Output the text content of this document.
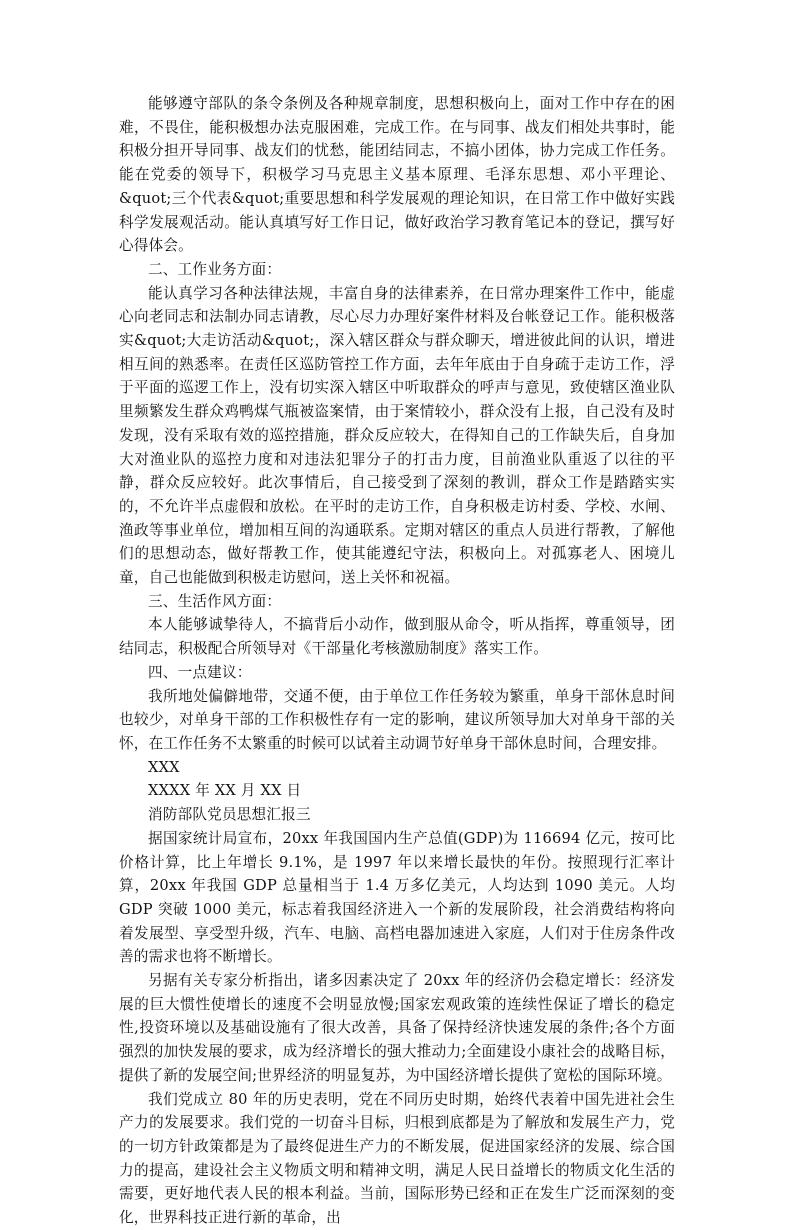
能够遵守部队的条令条例及各种规章制度，思想积极向上，面对工作中存在的困难，不畏住，能积极想办法克服困难，完成工作。在与同事、战友们相处共事时，能积极分担开导同事、战友们的忧愁，能团结同志，不搞小团体，协力完成工作任务。能在党委的领导下，积极学习马克思主义基本原理、毛泽东思想、邓小平理论、&quot;三个代表&quot;重要思想和科学发展观的理论知识，在日常工作中做好实践科学发展观活动。能认真填写好工作日记，做好政治学习教育笔记本的登记，撰写好心得体会。

二、工作业务方面：

能认真学习各种法律法规，丰富自身的法律素养，在日常办理案件工作中，能虚心向老同志和法制办同志请教，尽心尽力办理好案件材料及台帐登记工作。能积极落实&quot;大走访活动&quot;，深入辖区群众与群众聊天，增进彼此间的认识，增进相互间的熟悉率。在责任区巡防管控工作方面，去年年底由于自身疏于走访工作，浮于平面的巡逻工作上，没有切实深入辖区中听取群众的呼声与意见，致使辖区渔业队里频繁发生群众鸡鸭煤气瓶被盗案情，由于案情较小，群众没有上报，自己没有及时发现，没有采取有效的巡控措施，群众反应较大，在得知自己的工作缺失后，自身加大对渔业队的巡控力度和对违法犯罪分子的打击力度，目前渔业队重返了以往的平静，群众反应较好。此次事情后，自己接受到了深刻的教训，群众工作是踏踏实实的，不允许半点虚假和放松。在平时的走访工作，自身积极走访村委、学校、水闸、渔政等事业单位，增加相互间的沟通联系。定期对辖区的重点人员进行帮教，了解他们的思想动态，做好帮教工作，使其能遵纪守法，积极向上。对孤寡老人、困境儿童，自己也能做到积极走访慰问，送上关怀和祝福。

三、生活作风方面：

本人能够诚挚待人，不搞背后小动作，做到服从命令，听从指挥，尊重领导，团结同志，积极配合所领导对《干部量化考核激励制度》落实工作。

四、一点建议：

我所地处偏僻地带，交通不便，由于单位工作任务较为繁重，单身干部休息时间也较少，对单身干部的工作积极性存有一定的影响，建议所领导加大对单身干部的关怀，在工作任务不太繁重的时候可以试着主动调节好单身干部休息时间，合理安排。

XXX

XXXX 年 XX 月 XX 日

消防部队党员思想汇报三

据国家统计局宣布，20xx 年我国国内生产总值(GDP)为 116694 亿元，按可比价格计算，比上年增长 9.1%，是 1997 年以来增长最快的年份。按照现行汇率计算，20xx 年我国 GDP 总量相当于 1.4 万多亿美元，人均达到 1090 美元。人均 GDP 突破 1000 美元，标志着我国经济进入一个新的发展阶段，社会消费结构将向着发展型、享受型升级，汽车、电脑、高档电器加速进入家庭，人们对于住房条件改善的需求也将不断增长。

另据有关专家分析指出，诸多因素决定了 20xx 年的经济仍会稳定增长：经济发展的巨大惯性使增长的速度不会明显放慢;国家宏观政策的连续性保证了增长的稳定性,投资环境以及基础设施有了很大改善，具备了保持经济快速发展的条件;各个方面强烈的加快发展的要求，成为经济增长的强大推动力;全面建设小康社会的战略目标，提供了新的发展空间;世界经济的明显复苏，为中国经济增长提供了宽松的国际环境。

我们党成立 80 年的历史表明，党在不同历史时期，始终代表着中国先进社会生产力的发展要求。我们党的一切奋斗目标，归根到底都是为了解放和发展生产力，党的一切方针政策都是为了最终促进生产力的不断发展，促进国家经济的发展、综合国力的提高，建设社会主义物质文明和精神文明，满足人民日益增长的物质文化生活的需要，更好地代表人民的根本利益。当前，国际形势已经和正在发生广泛而深刻的变化，世界科技正进行新的革命，出
